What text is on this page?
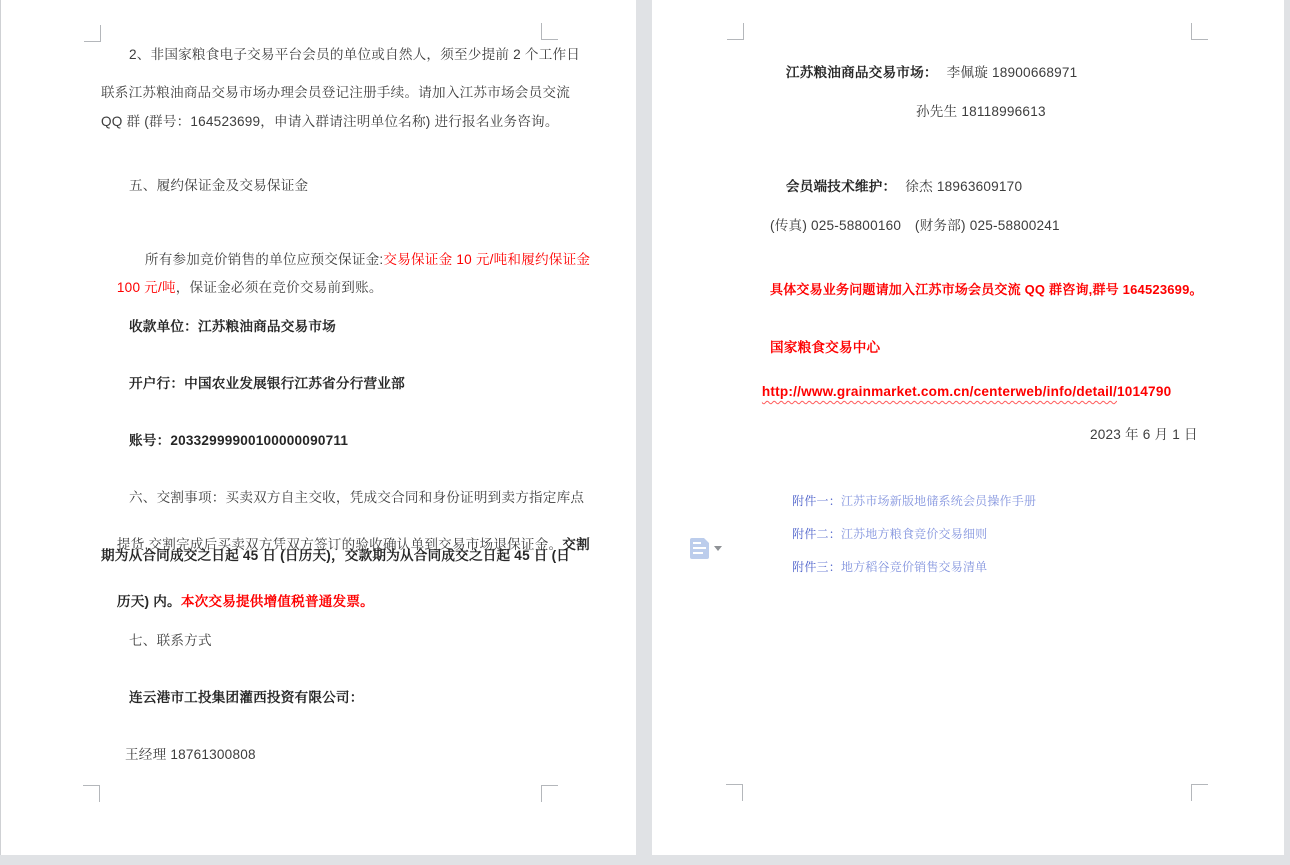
2、非国家粮食电子交易平台会员的单位或自然人，须至少提前 2 个工作日
联系江苏粮油商品交易市场办理会员登记注册手续。请加入江苏市场会员交流
QQ 群 (群号：164523699，申请入群请注明单位名称) 进行报名业务咨询。
五、履约保证金及交易保证金

所有参加竞价销售的单位应预交保证金:交易保证金 10 元/吨和履约保证金

100 元/吨，保证金必须在竞价交易前到账。

收款单位：江苏粮油商品交易市场
开户行：中国农业发展银行江苏省分行营业部
账号：20332999900100000090711
六、交割事项：买卖双方自主交收，凭成交合同和身份证明到卖方指定库点

提货,交割完成后买卖双方凭双方签订的验收确认单到交易市场退保证金。交割

期为从合同成交之日起 45 日 (日历天)，交款期为从合同成交之日起 45 日 (日

历天) 内。本次交易提供增值税普通发票。

七、联系方式
连云港市工投集团灌西投资有限公司：
王经理 18761300808

江苏粮油商品交易市场： 李佩璇 18900668971

孙先生 18118996613

会员端技术维护： 徐杰 18963609170

(传真) 025-58800160　(财务部) 025-58800241
具体交易业务问题请加入江苏市场会员交流 QQ 群咨询,群号 164523699。
国家粮食交易中心

http://www.grainmarket.com.cn/centerweb/info/detail/1014790

2023 年 6 月 1 日

附件一：江苏市场新版地储系统会员操作手册

附件二：江苏地方粮食竞价交易细则

附件三：地方稻谷竞价销售交易清单
